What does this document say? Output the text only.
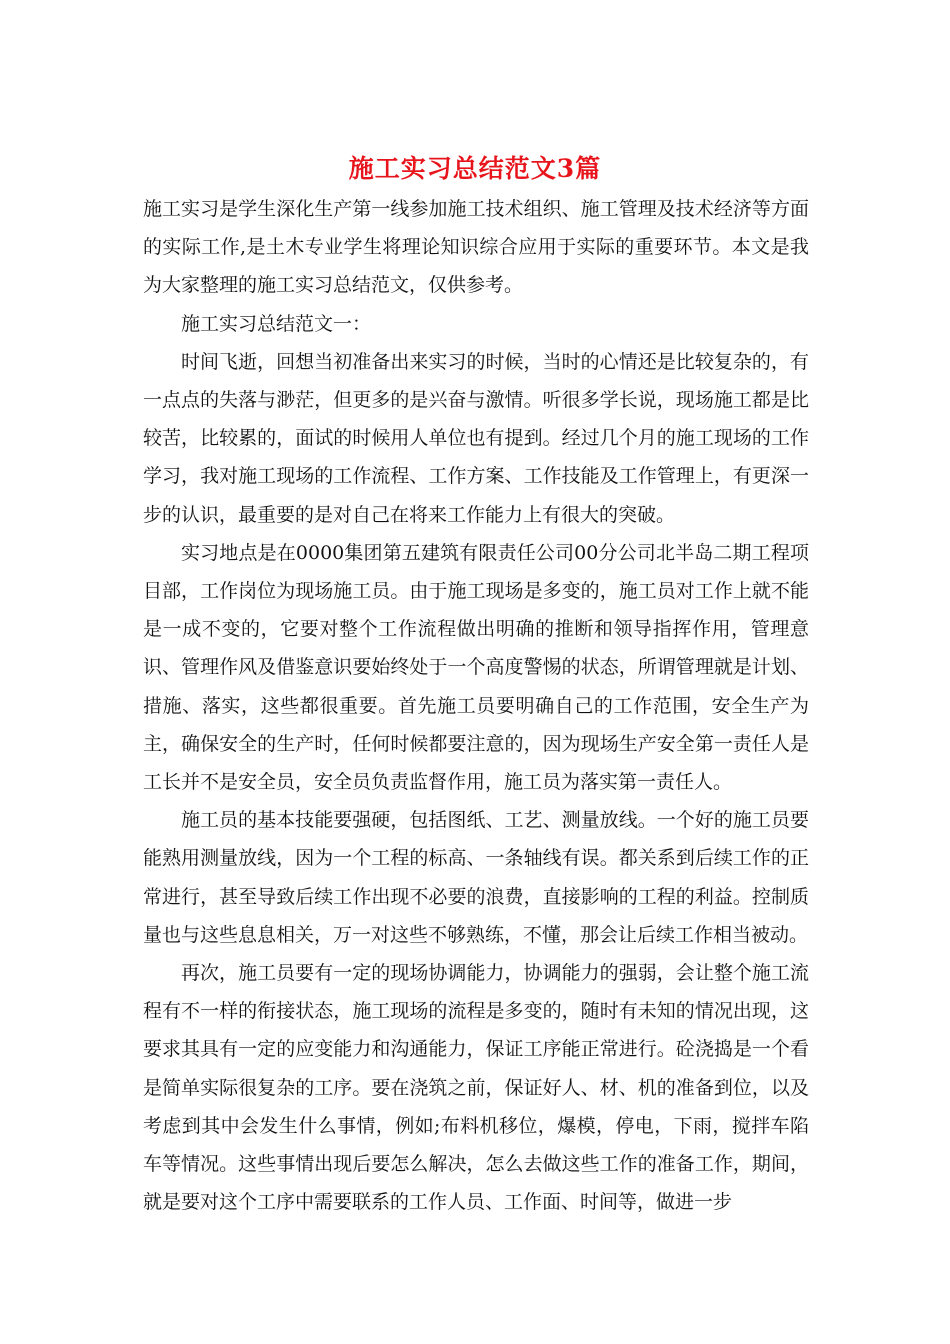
施工实习总结范文3篇

施工实习是学生深化生产第一线参加施工技术组织、施工管理及技术经济等方面的实际工作,是土木专业学生将理论知识综合应用于实际的重要环节。本文是我为大家整理的施工实习总结范文，仅供参考。

施工实习总结范文一：

时间飞逝，回想当初准备出来实习的时候，当时的心情还是比较复杂的，有一点点的失落与渺茫，但更多的是兴奋与激情。听很多学长说，现场施工都是比较苦，比较累的，面试的时候用人单位也有提到。经过几个月的施工现场的工作学习，我对施工现场的工作流程、工作方案、工作技能及工作管理上，有更深一步的认识，最重要的是对自己在将来工作能力上有很大的突破。

实习地点是在0000集团第五建筑有限责任公司00分公司北半岛二期工程项目部，工作岗位为现场施工员。由于施工现场是多变的，施工员对工作上就不能是一成不变的，它要对整个工作流程做出明确的推断和领导指挥作用，管理意识、管理作风及借鉴意识要始终处于一个高度警惕的状态，所谓管理就是计划、措施、落实，这些都很重要。首先施工员要明确自己的工作范围，安全生产为主，确保安全的生产时，任何时候都要注意的，因为现场生产安全第一责任人是工长并不是安全员，安全员负责监督作用，施工员为落实第一责任人。

施工员的基本技能要强硬，包括图纸、工艺、测量放线。一个好的施工员要能熟用测量放线，因为一个工程的标高、一条轴线有误。都关系到后续工作的正常进行，甚至导致后续工作出现不必要的浪费，直接影响的工程的利益。控制质量也与这些息息相关，万一对这些不够熟练，不懂，那会让后续工作相当被动。

再次，施工员要有一定的现场协调能力，协调能力的强弱，会让整个施工流程有不一样的衔接状态，施工现场的流程是多变的，随时有未知的情况出现，这要求其具有一定的应变能力和沟通能力，保证工序能正常进行。砼浇捣是一个看是简单实际很复杂的工序。要在浇筑之前，保证好人、材、机的准备到位，以及考虑到其中会发生什么事情，例如;布料机移位，爆模，停电，下雨，搅拌车陷车等情况。这些事情出现后要怎么解决，怎么去做这些工作的准备工作，期间，就是要对这个工序中需要联系的工作人员、工作面、时间等，做进一步
